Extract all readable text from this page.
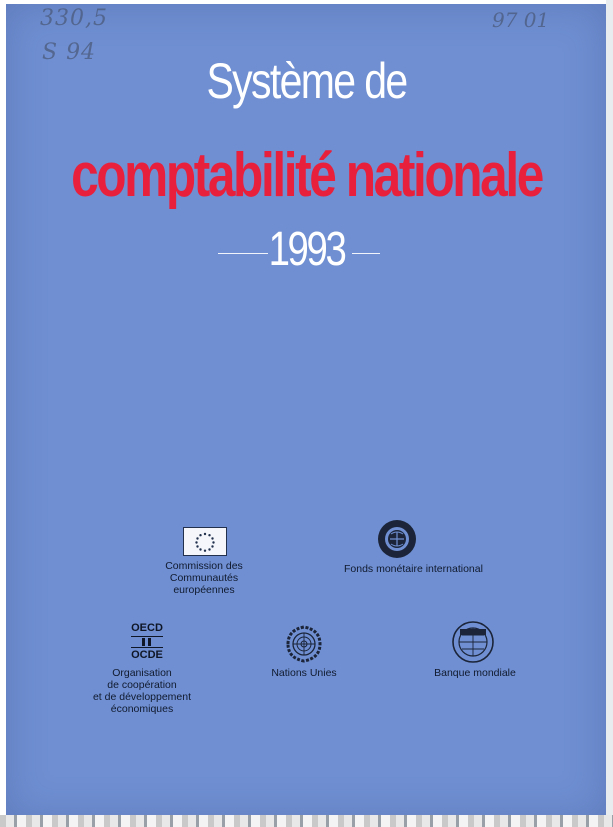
330,5
S 94
97 01
Système de
comptabilité nationale
1993
Commission des
Communautés européennes
Fonds monétaire international
OECD
OCDE
Organisation
de coopération
et de développement économiques
Nations Unies	Banque mondiale
